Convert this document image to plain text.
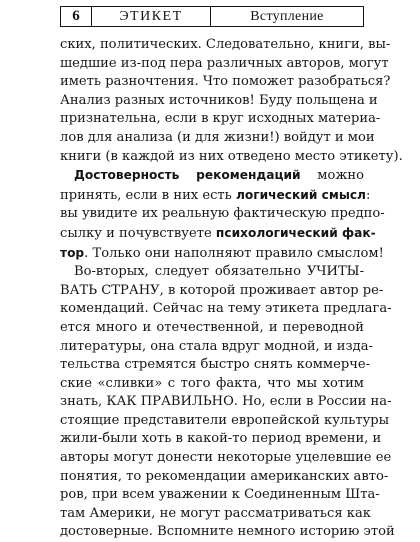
6	ЭТИКЕТ	Вступление
ских, политических. Следовательно, книги, вы-
шедшие из-под пера различных авторов, могут
иметь разночтения. Что поможет разобраться?
Анализ разных источников! Буду польщена и
признательна, если в круг исходных материа-
лов для анализа (и для жизни!) войдут и мои
книги (в каждой из них отведено место этикету).
Достоверность рекомендаций можно
принять, если в них есть логический смысл:
вы увидите их реальную фактическую предпо-
сылку и почувствуете психологический фак-
тор. Только они наполняют правило смыслом!
Во-вторых, следует обязательно УЧИТЫ-
ВАТЬ СТРАНУ, в которой проживает автор ре-
комендаций. Сейчас на тему этикета предлага-
ется много и отечественной, и переводной
литературы, она стала вдруг модной, и издa-
тельства стремятся быстро снять коммерче-
ские «сливки» с того факта, что мы хотим
знать, КАК ПРАВИЛЬНО. Но, если в России на-
стоящие представители европейской культуры
жили-были хоть в какой-то период времени, и
авторы могут донести некоторые уцелевшие ее
понятия, то рекомендации американских авто-
ров, при всем уважении к Соединенным Шта-
там Америки, не могут рассматриваться как
достоверные. Вспомните немного историю этой
